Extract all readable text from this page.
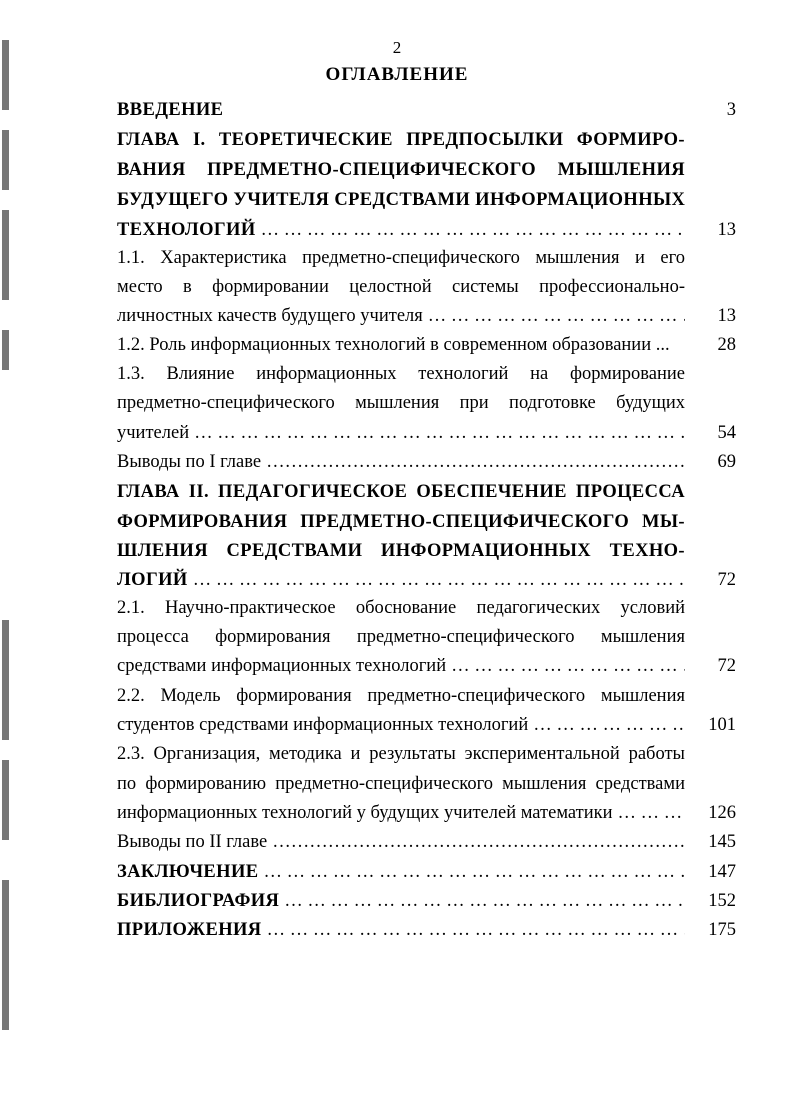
2
ОГЛАВЛЕНИЕ
ВВЕДЕНИЕ	3
ГЛАВА I. ТЕОРЕТИЧЕСКИЕ ПРЕДПОСЫЛКИ ФОРМИРО-
ВАНИЯ ПРЕДМЕТНО-СПЕЦИФИЧЕСКОГО МЫШЛЕНИЯ
БУДУЩЕГО УЧИТЕЛЯ СРЕДСТВАМИ ИНФОРМАЦИОННЫХ
ТЕХНОЛОГИЙ … … … … … … … … … … … … … … … … … … … … … … … … … … … … … … … … … … … … … … … … … … …	13
1.1. Характеристика предметно-специфического мышления и его
место в формировании целостной системы профессионально-
личностных качеств будущего учителя … … … … … … … … … … … … … … … … … … … … … … … … … … … … … … … … … … … … … … … … … … …	13
1.2. Роль информационных технологий в современном образовании ...	28
1.3. Влияние информационных технологий на формирование
предметно-специфического мышления при подготовке будущих
учителей … … … … … … … … … … … … … … … … … … … … … … … … … … … … … … … … … … … … … … … … … … …	54
Выводы по I главе ……………………………………………………………………………………………………………………………………………	69
ГЛАВА II. ПЕДАГОГИЧЕСКОЕ ОБЕСПЕЧЕНИЕ ПРОЦЕССА
ФОРМИРОВАНИЯ ПРЕДМЕТНО-СПЕЦИФИЧЕСКОГО МЫ-
ШЛЕНИЯ СРЕДСТВАМИ ИНФОРМАЦИОННЫХ ТЕХНО-
ЛОГИЙ … … … … … … … … … … … … … … … … … … … … … … … … … … … … … … … … … … … … … … … … … … …	72
2.1. Научно-практическое обоснование педагогических условий
процесса формирования предметно-специфического мышления
средствами информационных технологий … … … … … … … … … … … … … … … … … … … … … … … … … … … … … … … … … … … … … … … … … … …	72
2.2. Модель формирования предметно-специфического мышления
студентов средствами информационных технологий … … … … … … … … … … … … … … … … … … … … … … … … … … … … … … … … … … … … … … … … … … …	101
2.3. Организация, методика и результаты экспериментальной работы
по формированию предметно-специфического мышления средствами
информационных технологий у будущих учителей математики … … … … … … … … … … … … … … … … … … … … … … … … … … … … … … … … … … … … … … … … … … …	126
Выводы по II главе ……………………………………………………………………………………………………………………………………………	145
ЗАКЛЮЧЕНИЕ … … … … … … … … … … … … … … … … … … … … … … … … … … … … … … … … … … … … … … … … … … …	147
БИБЛИОГРАФИЯ … … … … … … … … … … … … … … … … … … … … … … … … … … … … … … … … … … … … … … … … … … …	152
ПРИЛОЖЕНИЯ … … … … … … … … … … … … … … … … … … … … … … … … … … … … … … … … … … … … … … … … … … …	175
